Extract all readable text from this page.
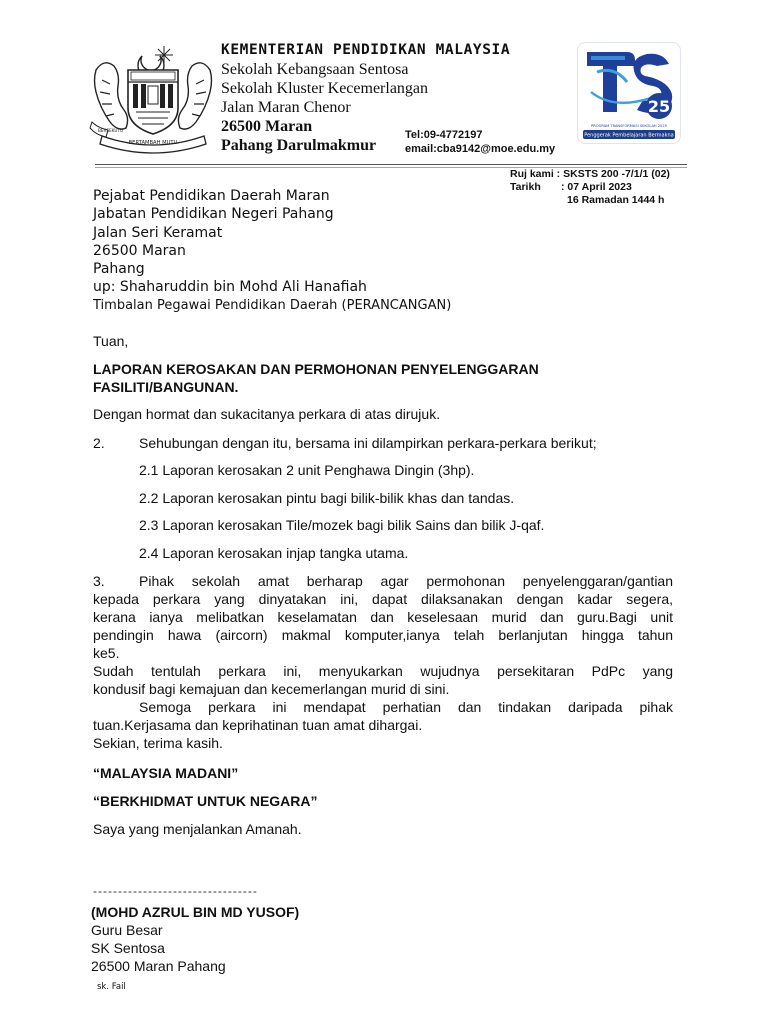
BERTAMBAH MUTU
BERSEKUTU
KEMENTERIAN PENDIDIKAN MALAYSIA
Sekolah Kebangsaan Sentosa
Sekolah Kluster Kecemerlangan
Jalan Maran Chenor
26500 Maran
Pahang Darulmakmur
Tel:09-4772197
email:cba9142@moe.edu.my
25
PROGRAM TRANSFORMASI SEKOLAH 2025
Penggerak Pembelajaran Bermakna
Ruj kami : SKSTS 200 -7/1/1 (02)
Tarikh : 07 April 2023
16 Ramadan 1444 h
Pejabat Pendidikan Daerah Maran
Jabatan Pendidikan Negeri Pahang
Jalan Seri Keramat
26500 Maran
Pahang
up: Shaharuddin bin Mohd Ali Hanafiah
Timbalan Pegawai Pendidikan Daerah (PERANCANGAN)
Tuan,
LAPORAN KEROSAKAN DAN PERMOHONAN PENYELENGGARAN
FASILITI/BANGUNAN.
Dengan hormat dan sukacitanya perkara di atas dirujuk.
2. Sehubungan dengan itu, bersama ini dilampirkan perkara-perkara berikut;
2.1 Laporan kerosakan 2 unit Penghawa Dingin (3hp).
2.2 Laporan kerosakan pintu bagi bilik-bilik khas dan tandas.
2.3 Laporan kerosakan Tile/mozek bagi bilik Sains dan bilik J-qaf.
2.4 Laporan kerosakan injap tangka utama.
3. Pihak sekolah amat berharap agar permohonan penyelenggaran/gantian
kepada perkara yang dinyatakan ini, dapat dilaksanakan dengan kadar segera,
kerana ianya melibatkan keselamatan dan keselesaan murid dan guru.Bagi unit
pendingin hawa (aircorn) makmal komputer,ianya telah berlanjutan hingga tahun
ke5.
Sudah tentulah perkara ini, menyukarkan wujudnya persekitaran PdPc yang
kondusif bagi kemajuan dan kecemerlangan murid di sini.
Semoga perkara ini mendapat perhatian dan tindakan daripada pihak
tuan.Kerjasama dan keprihatinan tuan amat dihargai.
Sekian, terima kasih.
“MALAYSIA MADANI”
“BERKHIDMAT UNTUK NEGARA”
Saya yang menjalankan Amanah.
---------------------------------
(MOHD AZRUL BIN MD YUSOF)
Guru Besar
SK Sentosa
26500 Maran Pahang
sk. Fail
